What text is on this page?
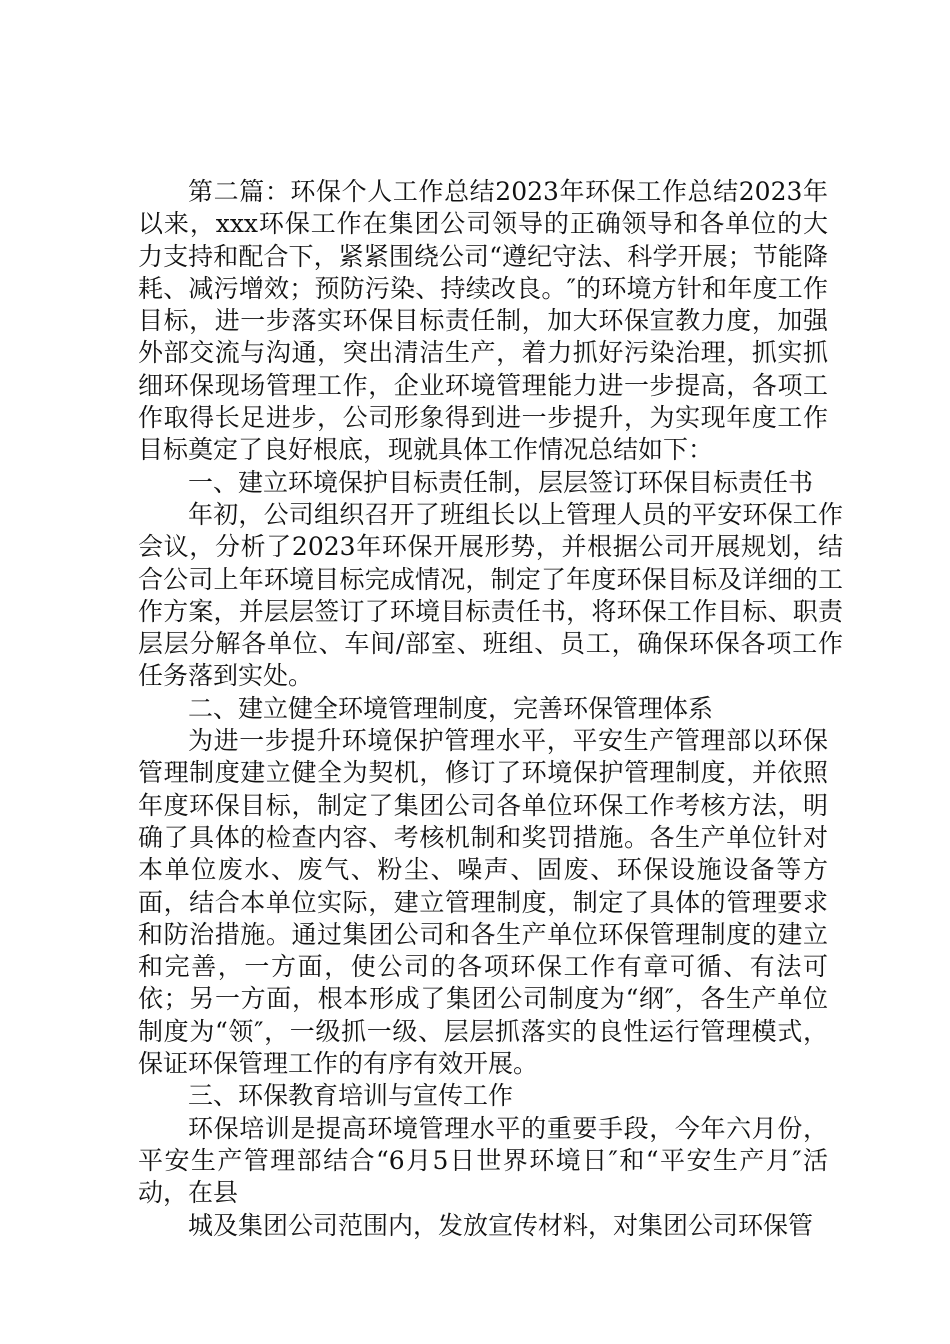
第二篇：环保个人工作总结2023年环保工作总结2023年以来，xxx环保工作在集团公司领导的正确领导和各单位的大力支持和配合下，紧紧围绕公司“遵纪守法、科学开展；节能降耗、减污增效；预防污染、持续改良。″的环境方针和年度工作目标，进一步落实环保目标责任制，加大环保宣教力度，加强外部交流与沟通，突出清洁生产，着力抓好污染治理，抓实抓细环保现场管理工作，企业环境管理能力进一步提高，各项工作取得长足进步，公司形象得到进一步提升，为实现年度工作目标奠定了良好根底，现就具体工作情况总结如下：

一、建立环境保护目标责任制，层层签订环保目标责任书

年初，公司组织召开了班组长以上管理人员的平安环保工作会议，分析了2023年环保开展形势，并根据公司开展规划，结合公司上年环境目标完成情况，制定了年度环保目标及详细的工作方案，并层层签订了环境目标责任书，将环保工作目标、职责层层分解各单位、车间/部室、班组、员工，确保环保各项工作任务落到实处。

二、建立健全环境管理制度，完善环保管理体系

为进一步提升环境保护管理水平，平安生产管理部以环保管理制度建立健全为契机，修订了环境保护管理制度，并依照年度环保目标，制定了集团公司各单位环保工作考核方法，明确了具体的检查内容、考核机制和奖罚措施。各生产单位针对本单位废水、废气、粉尘、噪声、固废、环保设施设备等方面，结合本单位实际，建立管理制度，制定了具体的管理要求和防治措施。通过集团公司和各生产单位环保管理制度的建立和完善，一方面，使公司的各项环保工作有章可循、有法可依；另一方面，根本形成了集团公司制度为“纲″，各生产单位制度为“领″，一级抓一级、层层抓落实的良性运行管理模式，保证环保管理工作的有序有效开展。

三、环保教育培训与宣传工作

环保培训是提高环境管理水平的重要手段，今年六月份，平安生产管理部结合“6月5日世界环境日″和“平安生产月″活动，在县

城及集团公司范围内，发放宣传材料，对集团公司环保管
